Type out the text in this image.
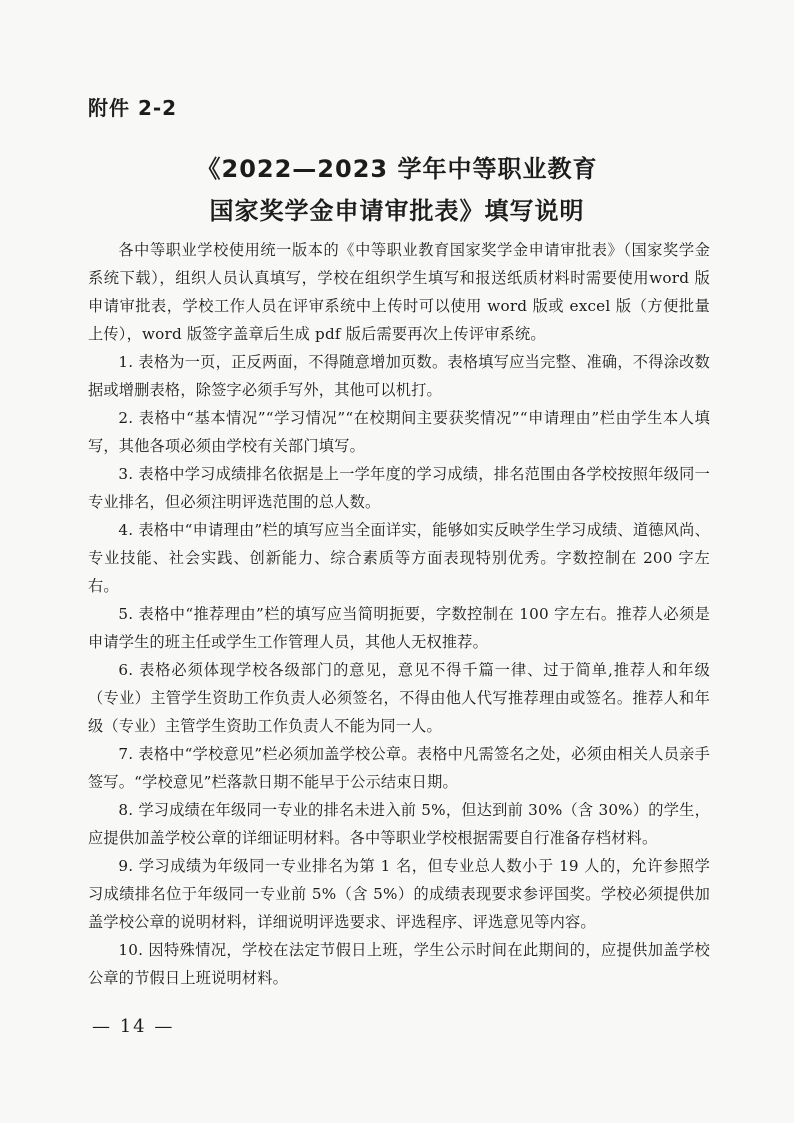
附件 2-2
《2022—2023 学年中等职业教育
国家奖学金申请审批表》填写说明

各中等职业学校使用统一版本的《中等职业教育国家奖学金申请审批表》（国家奖学金系统下载），组织人员认真填写，学校在组织学生填写和报送纸质材料时需要使用word 版申请审批表，学校工作人员在评审系统中上传时可以使用 word 版或 excel 版（方便批量上传），word 版签字盖章后生成 pdf 版后需要再次上传评审系统。

1. 表格为一页，正反两面，不得随意增加页数。表格填写应当完整、准确，不得涂改数据或增删表格，除签字必须手写外，其他可以机打。

2. 表格中“基本情况”“学习情况”“在校期间主要获奖情况”“申请理由”栏由学生本人填写，其他各项必须由学校有关部门填写。

3. 表格中学习成绩排名依据是上一学年度的学习成绩，排名范围由各学校按照年级同一专业排名，但必须注明评选范围的总人数。

4. 表格中“申请理由”栏的填写应当全面详实，能够如实反映学生学习成绩、道德风尚、专业技能、社会实践、创新能力、综合素质等方面表现特别优秀。字数控制在 200 字左右。

5. 表格中“推荐理由”栏的填写应当简明扼要，字数控制在 100 字左右。推荐人必须是申请学生的班主任或学生工作管理人员，其他人无权推荐。

6. 表格必须体现学校各级部门的意见，意见不得千篇一律、过于简单,推荐人和年级（专业）主管学生资助工作负责人必须签名，不得由他人代写推荐理由或签名。推荐人和年级（专业）主管学生资助工作负责人不能为同一人。

7. 表格中“学校意见”栏必须加盖学校公章。表格中凡需签名之处，必须由相关人员亲手签写。“学校意见”栏落款日期不能早于公示结束日期。

8. 学习成绩在年级同一专业的排名未进入前 5%，但达到前 30%（含 30%）的学生，应提供加盖学校公章的详细证明材料。各中等职业学校根据需要自行准备存档材料。

9. 学习成绩为年级同一专业排名为第 1 名，但专业总人数小于 19 人的，允许参照学习成绩排名位于年级同一专业前 5%（含 5%）的成绩表现要求参评国奖。学校必须提供加盖学校公章的说明材料，详细说明评选要求、评选程序、评选意见等内容。

10. 因特殊情况，学校在法定节假日上班，学生公示时间在此期间的，应提供加盖学校公章的节假日上班说明材料。

— 14 —
